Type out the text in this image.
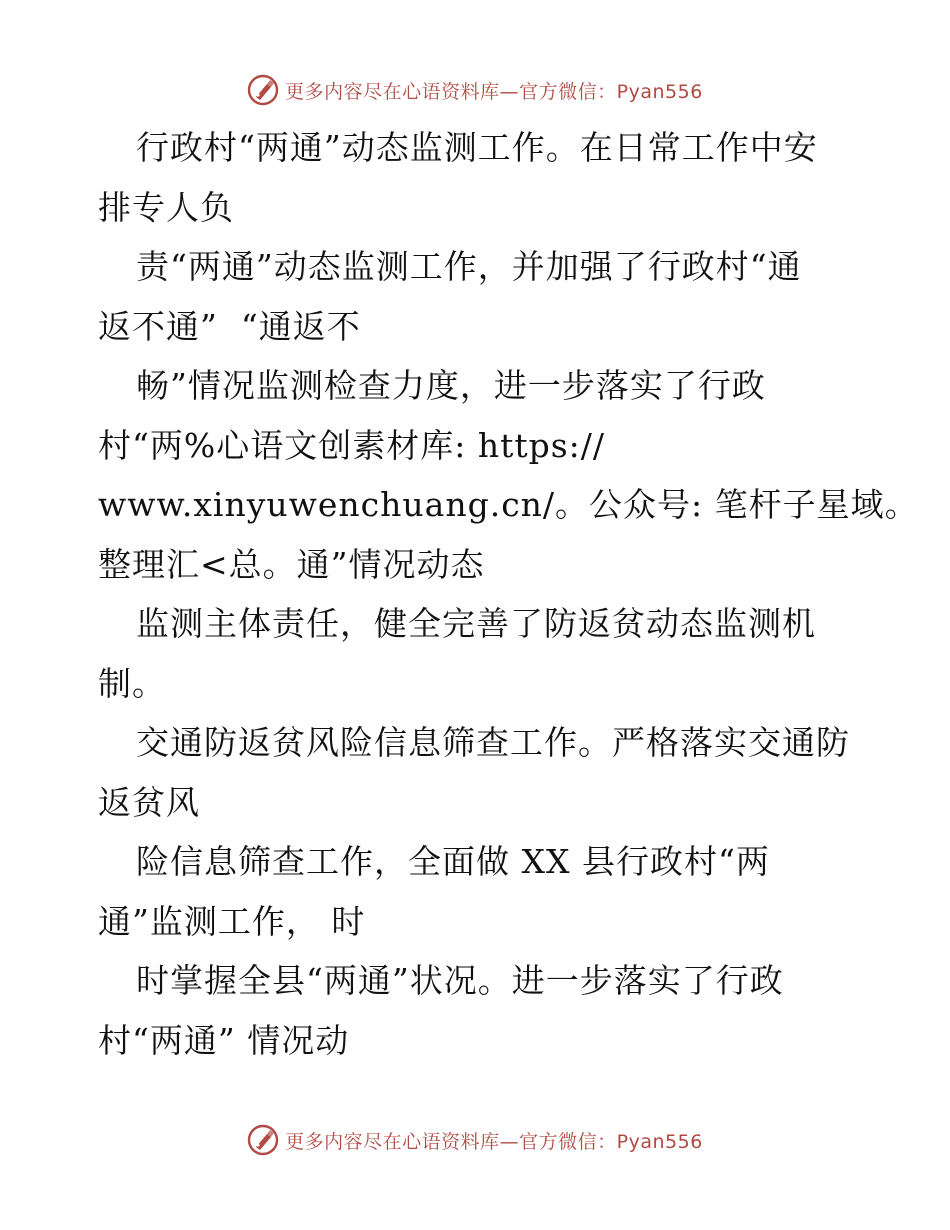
更多内容尽在心语资料库—官方微信：Pyan556
行政村“两通”动态监测工作。在日常工作中安
排专人负
责“两通”动态监测工作，并加强了行政村“通
返不通”  “通返不
畅”情况监测检查力度，进一步落实了行政
村“两%心语文创素材库: https://
www.xinyuwenchuang.cn/。公众号: 笔杆子星域。
整理汇<总。通”情况动态
监测主体责任，健全完善了防返贫动态监测机
制。
交通防返贫风险信息筛查工作。严格落实交通防
返贫风
险信息筛查工作，全面做 XX 县行政村“两
通”监测工作， 时
时掌握全县“两通”状况。进一步落实了行政
村“两通” 情况动
更多内容尽在心语资料库—官方微信：Pyan556
